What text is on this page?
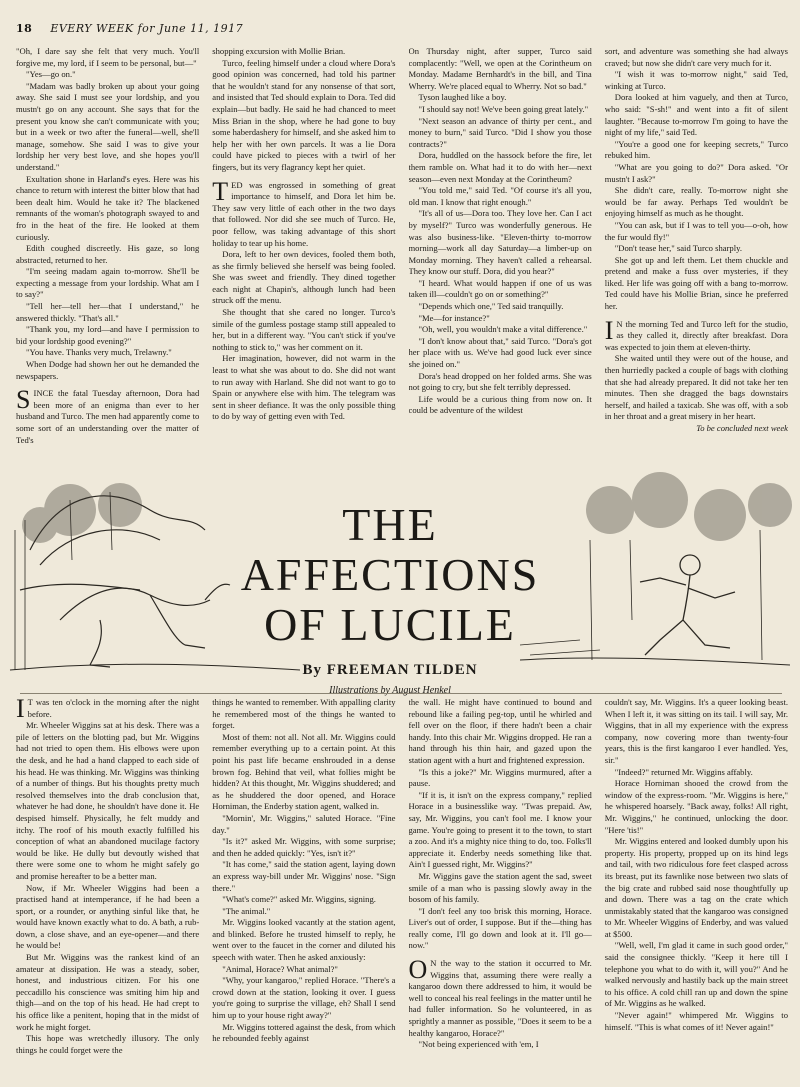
18 EVERY WEEK for June 11, 1917

"Oh, I dare say she felt that very much. You'll forgive me, my lord, if I seem to be personal, but—"

"Yes—go on."

"Madam was badly broken up about your going away. She said I must see your lordship, and you mustn't go on any account. She says that for the present you know she can't communicate with you; but in a week or two after the funeral—well, she'll manage, somehow. She said I was to give your lordship her very best love, and she hopes you'll understand."

Exultation shone in Harland's eyes. Here was his chance to return with interest the bitter blow that had been dealt him. Would he take it? The blackened remnants of the woman's photograph swayed to and fro in the heat of the fire. He looked at them curiously.

Edith coughed discreetly. His gaze, so long abstracted, returned to her.

"I'm seeing madam again to-morrow. She'll be expecting a message from your lordship. What am I to say?"

"Tell her—tell her—that I understand," he answered thickly. "That's all."

"Thank you, my lord—and have I permission to bid your lordship good evening?"

"You have. Thanks very much, Trelawny."

When Dodge had shown her out he demanded the newspapers.

SINCE the fatal Tuesday afternoon, Dora had been more of an enigma than ever to her husband and Turco. The men had apparently come to some sort of an understanding over the matter of Ted's

shopping excursion with Mollie Brian.

Turco, feeling himself under a cloud where Dora's good opinion was concerned, had told his partner that he wouldn't stand for any nonsense of that sort, and insisted that Ted should explain to Dora. Ted did explain—but badly. He said he had chanced to meet Miss Brian in the shop, where he had gone to buy some haberdashery for himself, and she asked him to help her with her own parcels. It was a lie Dora could have picked to pieces with a twirl of her fingers, but its very flagrancy kept her quiet.

TED was engrossed in something of great importance to himself, and Dora let him be. They saw very little of each other in the two days that followed. Nor did she see much of Turco. He, poor fellow, was taking advantage of this short holiday to tear up his home.

Dora, left to her own devices, fooled them both, as she firmly believed she herself was being fooled. She was sweet and friendly. They dined together each night at Chapin's, although lunch had been struck off the menu.

She thought that she cared no longer. Turco's simile of the gumless postage stamp still appealed to her, but in a different way. "You can't stick if you've nothing to stick to," was her comment on it.

Her imagination, however, did not warm in the least to what she was about to do. She did not want to run away with Harland. She did not want to go to Spain or anywhere else with him. The telegram was sent in sheer defiance. It was the only possible thing to do by way of getting even with Ted.

On Thursday night, after supper, Turco said complacently: "Well, we open at the Corintheum on Monday. Madame Bernhardt's in the bill, and Tina Wherry. We're placed equal to Wherry. Not so bad."

Tyson laughed like a boy.

"I should say not! We've been going great lately."

"Next season an advance of thirty per cent., and money to burn," said Turco. "Did I show you those contracts?"

Dora, huddled on the hassock before the fire, let them ramble on. What had it to do with her—next season—even next Monday at the Corintheum?

"You told me," said Ted. "Of course it's all you, old man. I know that right enough."

"It's all of us—Dora too. They love her. Can I act by myself?" Turco was wonderfully generous. He was also business-like. "Eleven-thirty to-morrow morning—work all day Saturday—a limber-up on Monday morning. They haven't called a rehearsal. They know our stuff. Dora, did you hear?"

"I heard. What would happen if one of us was taken ill—couldn't go on or something?"

"Depends which one," Ted said tranquilly.

"Me—for instance?"

"Oh, well, you wouldn't make a vital difference."

"I don't know about that," said Turco. "Dora's got her place with us. We've had good luck ever since she joined on."

Dora's head dropped on her folded arms. She was not going to cry, but she felt terribly depressed.

Life would be a curious thing from now on. It could be adventure of the wildest

sort, and adventure was something she had always craved; but now she didn't care very much for it.

"I wish it was to-morrow night," said Ted, winking at Turco.

Dora looked at him vaguely, and then at Turco, who said: "S-sh!" and went into a fit of silent laughter. "Because to-morrow I'm going to have the night of my life," said Ted.

"You're a good one for keeping secrets," Turco rebuked him.

"What are you going to do?" Dora asked. "Or mustn't I ask?"

She didn't care, really. To-morrow night she would be far away. Perhaps Ted wouldn't be enjoying himself as much as he thought.

"You can ask, but if I was to tell you—o-oh, how the fur would fly!"

"Don't tease her," said Turco sharply.

She got up and left them. Let them chuckle and pretend and make a fuss over mysteries, if they liked. Her life was going off with a bang to-morrow. Ted could have his Mollie Brian, since he preferred her.

I N the morning Ted and Turco left for the studio, as they called it, directly after breakfast. Dora was expected to join them at eleven-thirty.

She waited until they were out of the house, and then hurriedly packed a couple of bags with clothing that she had already prepared. It did not take her ten minutes. Then she dragged the bags downstairs herself, and hailed a taxicab. She was off, with a sob in her throat and a great misery in her heart.

To be concluded next week

THE AFFECTIONS
OF LUCILE
By FREEMAN TILDEN
Illustrations by August Henkel

I T was ten o'clock in the morning after the night before.

Mr. Wheeler Wiggins sat at his desk. There was a pile of letters on the blotting pad, but Mr. Wiggins had not tried to open them. His elbows were upon the desk, and he had a hand clapped to each side of his head. He was thinking. Mr. Wiggins was thinking of a number of things. But his thoughts pretty much resolved themselves into the drab conclusion that, whatever he had done, he shouldn't have done it. He despised himself. Physically, he felt muddy and itchy. The roof of his mouth exactly fulfilled his conception of what an abandoned mucilage factory would be like. He dully but devoutly wished that there were some one to whom he might safely go and promise hereafter to be a better man.

Now, if Mr. Wheeler Wiggins had been a practised hand at intemperance, if he had been a sport, or a rounder, or anything sinful like that, he would have known exactly what to do. A bath, a rub-down, a close shave, and an eye-opener—and there he would be!

But Mr. Wiggins was the rankest kind of an amateur at dissipation. He was a steady, sober, honest, and industrious citizen. For his one peccadillo his conscience was smiting him hip and thigh—and on the top of his head. He had crept to his office like a penitent, hoping that in the midst of work he might forget.

This hope was wretchedly illusory. The only things he could forget were the

things he wanted to remember. With appalling clarity he remembered most of the things he wanted to forget.

Most of them: not all. Not all. Mr. Wiggins could remember everything up to a certain point. At this point his past life became enshrouded in a dense brown fog. Behind that veil, what follies might be hidden? At this thought, Mr. Wiggins shuddered; and as he shuddered the door opened, and Horace Horniman, the Enderby station agent, walked in.

"Mornin', Mr. Wiggins," saluted Horace. "Fine day."

"Is it?" asked Mr. Wiggins, with some surprise; and then he added quickly: "Yes, isn't it?"

"It has come," said the station agent, laying down an express way-bill under Mr. Wiggins' nose. "Sign there."

"What's come?" asked Mr. Wiggins, signing.

"The animal."

Mr. Wiggins looked vacantly at the station agent, and blinked. Before he trusted himself to reply, he went over to the faucet in the corner and diluted his speech with water. Then he asked anxiously:

"Animal, Horace? What animal?"

"Why, your kangaroo," replied Horace. "There's a crowd down at the station, looking it over. I guess you're going to surprise the village, eh? Shall I send him up to your house right away?"

Mr. Wiggins tottered against the desk, from which he rebounded feebly against

the wall. He might have continued to bound and rebound like a failing peg-top, until he whirled and fell over on the floor, if there hadn't been a chair handy. Into this chair Mr. Wiggins dropped. He ran a hand through his thin hair, and gazed upon the station agent with a hurt and frightened expression.

"Is this a joke?" Mr. Wiggins murmured, after a pause.

"If it is, it isn't on the express company," replied Horace in a businesslike way. "Twas prepaid. Aw, say, Mr. Wiggins, you can't fool me. I know your game. You're going to present it to the town, to start a zoo. And it's a mighty nice thing to do, too. Folks'll appreciate it. Enderby needs something like that. Ain't I guessed right, Mr. Wiggins?"

Mr. Wiggins gave the station agent the sad, sweet smile of a man who is passing slowly away in the bosom of his family.

"I don't feel any too brisk this morning, Horace. Liver's out of order, I suppose. But if the—thing has really come, I'll go down and look at it. I'll go—now."

O N the way to the station it occurred to Mr. Wiggins that, assuming there were really a kangaroo down there addressed to him, it would be well to conceal his real feelings in the matter until he had fuller information. So he volunteered, in as sprightly a manner as possible, "Does it seem to be a healthy kangaroo, Horace?"

"Not being experienced with 'em, I

couldn't say, Mr. Wiggins. It's a queer looking beast. When I left it, it was sitting on its tail. I will say, Mr. Wiggins, that in all my experience with the express company, now covering more than twenty-four years, this is the first kangaroo I ever handled. Yes, sir."

"Indeed?" returned Mr. Wiggins affably.

Horace Horniman shooed the crowd from the window of the express-room. "Mr. Wiggins is here," he whispered hoarsely. "Back away, folks! All right, Mr. Wiggins," he continued, unlocking the door. "Here 'tis!"

Mr. Wiggins entered and looked dumbly upon his property. His property, propped up on its hind legs and tail, with two ridiculous fore feet clasped across its breast, put its fawnlike nose between two slats of the big crate and rubbed said nose thoughtfully up and down. There was a tag on the crate which unmistakably stated that the kangaroo was consigned to Mr. Wheeler Wiggins of Enderby, and was valued at $500.

"Well, well, I'm glad it came in such good order," said the consignee thickly. "Keep it here till I telephone you what to do with it, will you?" And he walked nervously and hastily back up the main street to his office. A cold chill ran up and down the spine of Mr. Wiggins as he walked.

"Never again!" whimpered Mr. Wiggins to himself. "This is what comes of it! Never again!"
